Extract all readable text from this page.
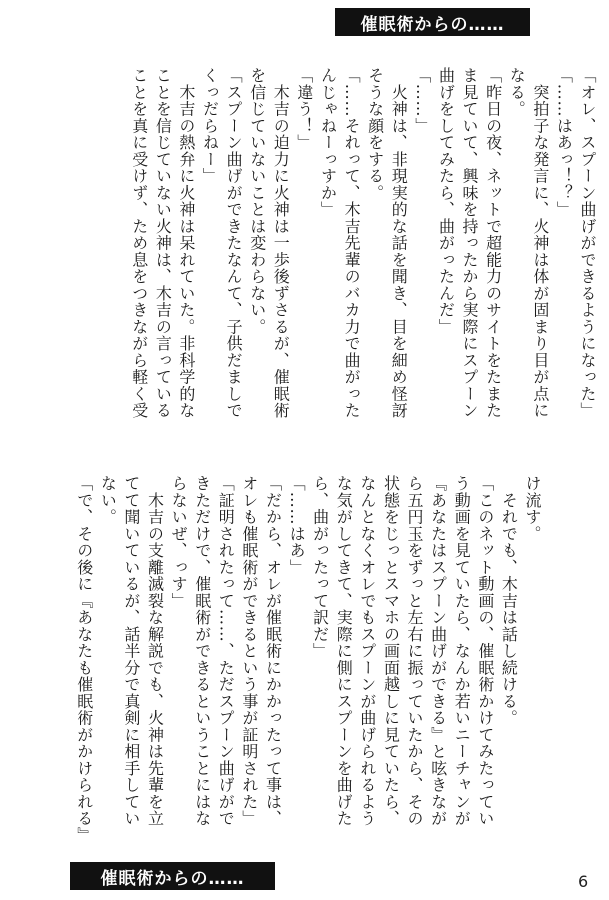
催眠術からの……
「オレ、スプーン曲げができるようになった」
「……はあっ！？」
　突拍子な発言に、火神は体が固まり目が点に
なる。
「昨日の夜、ネットで超能力のサイトをたまた
ま見ていて、興味を持ったから実際にスプーン
曲げをしてみたら、曲がったんだ」
「……」
　火神は、非現実的な話を聞き、目を細め怪訝
そうな顔をする。
「……それって、木吉先輩のバカ力で曲がった
んじゃねーっすか」
「違う！」
　木吉の迫力に火神は一歩後ずさるが、催眠術
を信じていないことは変わらない。
「スプーン曲げができたなんて、子供だましで
くっだらねー」
　木吉の熱弁に火神は呆れていた。非科学的な
ことを信じていない火神は、木吉の言っている
ことを真に受けず、ため息をつきながら軽く受

け流す。
　それでも、木吉は話し続ける。
「このネット動画の、催眠術かけてみたってい
う動画を見ていたら、なんか若いニーチャンが
『あなたはスプーン曲げができる』と呟きなが
ら五円玉をずっと左右に振っていたから、その
状態をじっとスマホの画面越しに見ていたら、
なんとなくオレでもスプーンが曲げられるよう
な気がしてきて、実際に側にスプーンを曲げた
ら、曲がったって訳だ」
「……はあ」
「だから、オレが催眠術にかかったって事は、
オレも催眠術ができるという事が証明された」
「証明されたって……、ただスプーン曲げがで
きただけで、催眠術ができるということにはな
らないぜ、っす」
　木吉の支離滅裂な解説でも、火神は先輩を立
てて聞いているが、話半分で真剣に相手してい
ない。
「で、その後に『あなたも催眠術がかけられる』

催眠術からの……	6
